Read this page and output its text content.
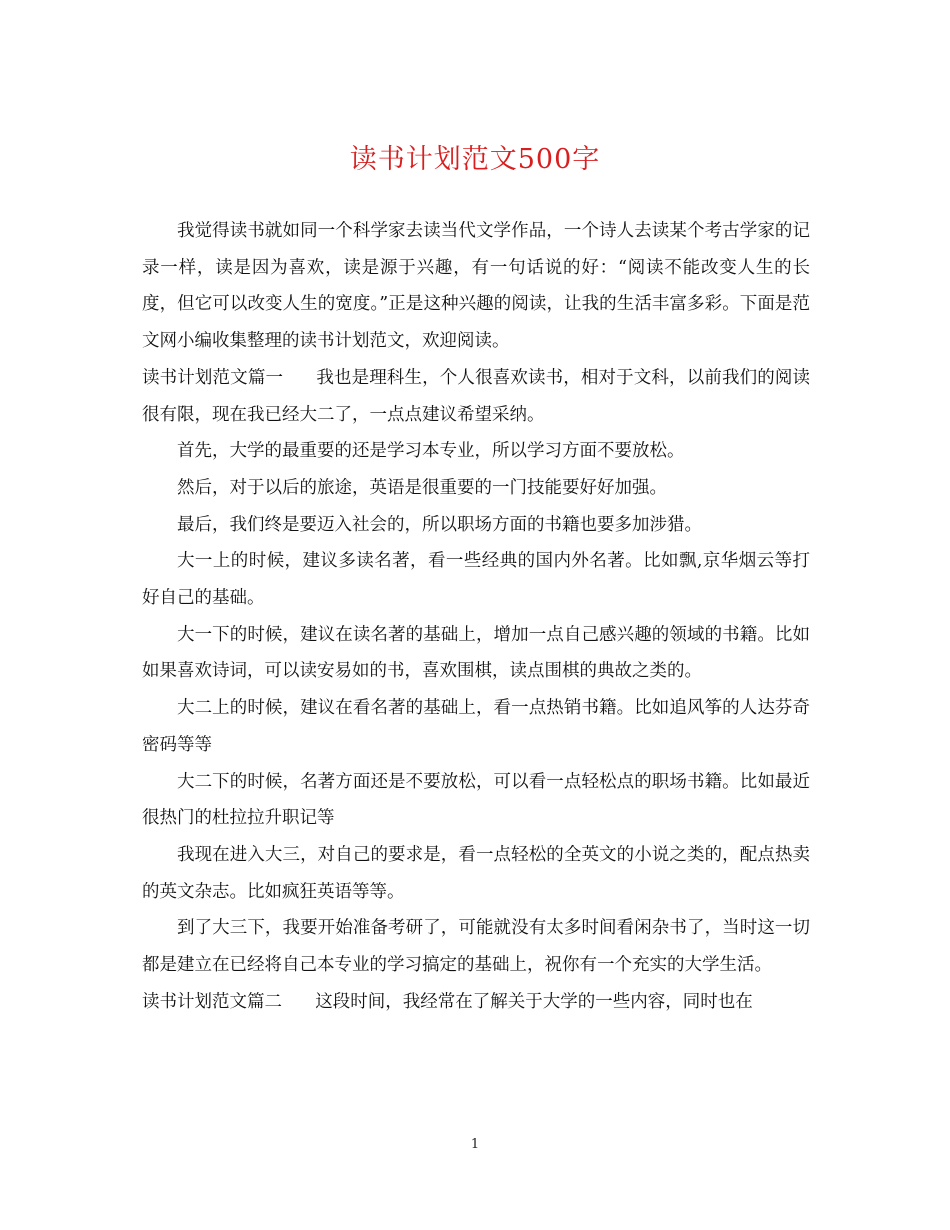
读书计划范文500字

我觉得读书就如同一个科学家去读当代文学作品，一个诗人去读某个考古学家的记录一样，读是因为喜欢，读是源于兴趣，有一句话说的好：“阅读不能改变人生的长度，但它可以改变人生的宽度。”正是这种兴趣的阅读，让我的生活丰富多彩。下面是范文网小编收集整理的读书计划范文，欢迎阅读。

读书计划范文篇一 我也是理科生，个人很喜欢读书，相对于文科，以前我们的阅读很有限，现在我已经大二了，一点点建议希望采纳。

首先，大学的最重要的还是学习本专业，所以学习方面不要放松。

然后，对于以后的旅途，英语是很重要的一门技能要好好加强。

最后，我们终是要迈入社会的，所以职场方面的书籍也要多加涉猎。

大一上的时候，建议多读名著，看一些经典的国内外名著。比如飘,京华烟云等打好自己的基础。

大一下的时候，建议在读名著的基础上，增加一点自己感兴趣的领域的书籍。比如如果喜欢诗词，可以读安易如的书，喜欢围棋，读点围棋的典故之类的。

大二上的时候，建议在看名著的基础上，看一点热销书籍。比如追风筝的人达芬奇密码等等

大二下的时候，名著方面还是不要放松，可以看一点轻松点的职场书籍。比如最近很热门的杜拉拉升职记等

我现在进入大三，对自己的要求是，看一点轻松的全英文的小说之类的，配点热卖的英文杂志。比如疯狂英语等等。

到了大三下，我要开始准备考研了，可能就没有太多时间看闲杂书了，当时这一切都是建立在已经将自己本专业的学习搞定的基础上，祝你有一个充实的大学生活。

读书计划范文篇二 这段时间，我经常在了解关于大学的一些内容，同时也在

1
